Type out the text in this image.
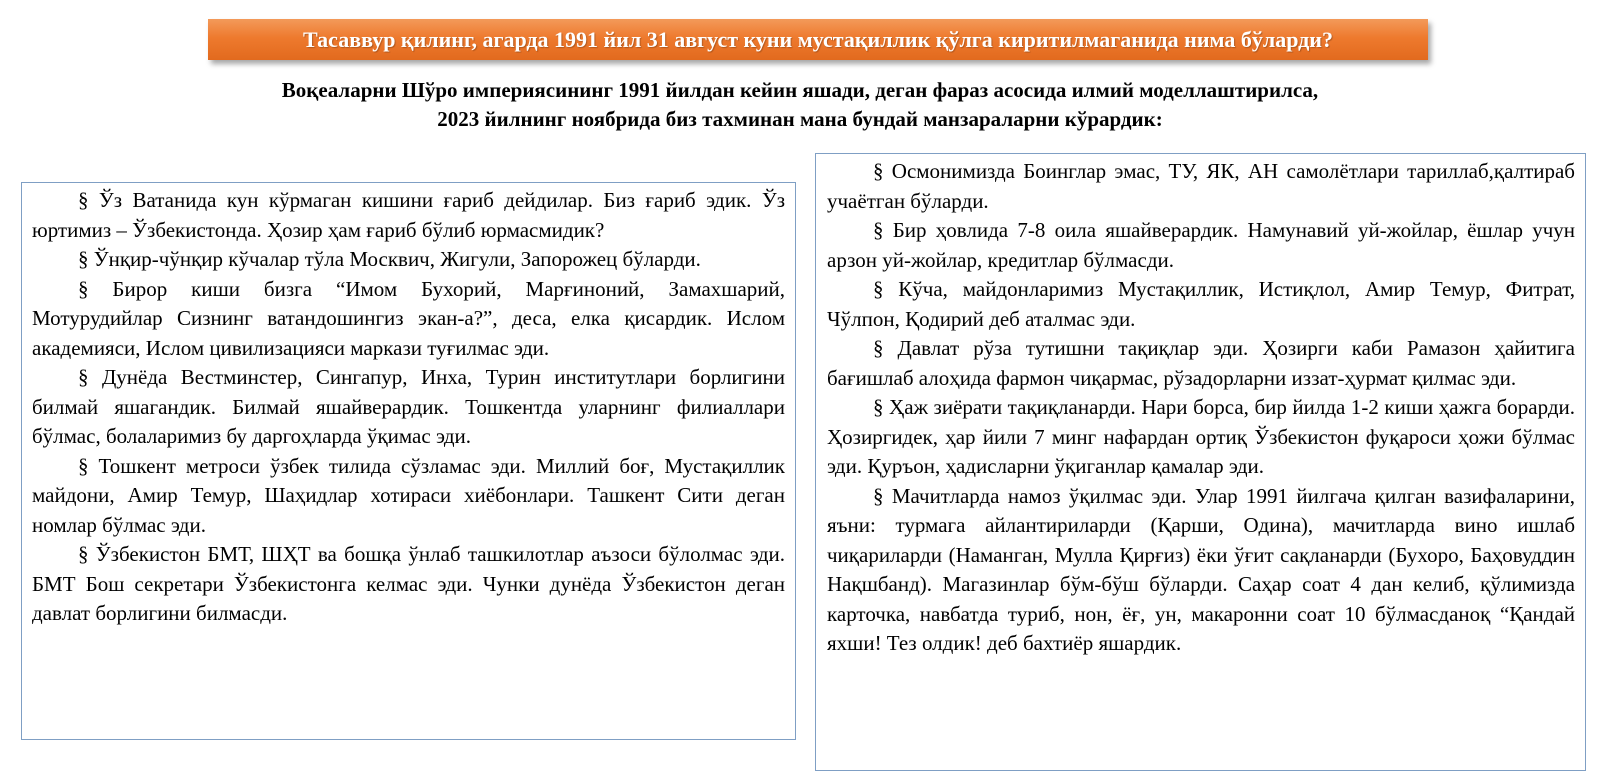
Тасаввур қилинг, агарда 1991 йил 31 август куни мустақиллик қўлга киритилмаганида нима бўларди?
Воқеаларни Шўро империясининг 1991 йилдан кейин яшади, деган фараз асосида илмий моделлаштирилса,
2023 йилнинг ноябрида биз тахминан мана бундай манзараларни кўрардик:

§ Ўз Ватанида кун кўрмаган кишини ғариб дейдилар. Биз ғариб эдик. Ўз юртимиз – Ўзбекистонда. Ҳозир ҳам ғариб бўлиб юрмасмидик?

§ Ўнқир-чўнқир кўчалар тўла Москвич, Жигули, Запорожец бўларди.

§ Бирор киши бизга “Имом Бухорий, Марғиноний, Замахшарий, Мотурудийлар Сизнинг ватандошингиз экан-а?”, деса, елка қисардик. Ислом академияси, Ислом цивилизацияси маркази туғилмас эди.

§ Дунёда Вестминстер, Сингапур, Инха, Турин институтлари борлигини билмай яшагандик. Билмай яшайверардик. Тошкентда уларнинг филиаллари бўлмас, болаларимиз бу даргоҳларда ўқимас эди.

§ Тошкент метроси ўзбек тилида сўзламас эди. Миллий боғ, Мустақиллик майдони, Амир Темур, Шаҳидлар хотираси хиёбонлари. Ташкент Сити деган номлар бўлмас эди.

§ Ўзбекистон БМТ, ШҲТ ва бошқа ўнлаб ташкилотлар аъзоси бўлолмас эди. БМТ Бош секретари Ўзбекистонга келмас эди. Чунки дунёда Ўзбекистон деган давлат борлигини билмасди.

§ Осмонимизда Боинглар эмас, ТУ, ЯК, АН самолётлари тариллаб,қалтираб учаётган бўларди.

§ Бир ҳовлида 7-8 оила яшайверардик. Намунавий уй-жойлар, ёшлар учун арзон уй-жойлар, кредитлар бўлмасди.

§ Кўча, майдонларимиз Мустақиллик, Истиқлол, Амир Темур, Фитрат, Чўлпон, Қодирий деб аталмас эди.

§ Давлат рўза тутишни тақиқлар эди. Ҳозирги каби Рамазон ҳайитига бағишлаб алоҳида фармон чиқармас, рўзадорларни иззат-ҳурмат қилмас эди.

§ Ҳаж зиёрати тақиқланарди. Нари борса, бир йилда 1-2 киши ҳажга борарди. Ҳозиргидек, ҳар йили 7 минг нафардан ортиқ Ўзбекистон фуқароси ҳожи бўлмас эди. Қуръон, ҳадисларни ўқиганлар қамалар эди.

§ Мачитларда намоз ўқилмас эди. Улар 1991 йилгача қилган вазифаларини, яъни: турмага айлантириларди (Қарши, Одина), мачитларда вино ишлаб чиқариларди (Наманган, Мулла Қирғиз) ёки ўғит сақланарди (Бухоро, Баҳовуддин Нақшбанд). Магазинлар бўм-бўш бўларди. Саҳар соат 4 дан келиб, қўлимизда карточка, навбатда туриб, нон, ёғ, ун, макаронни соат 10 бўлмасданоқ “Қандай яхши! Тез олдик! деб бахтиёр яшардик.
